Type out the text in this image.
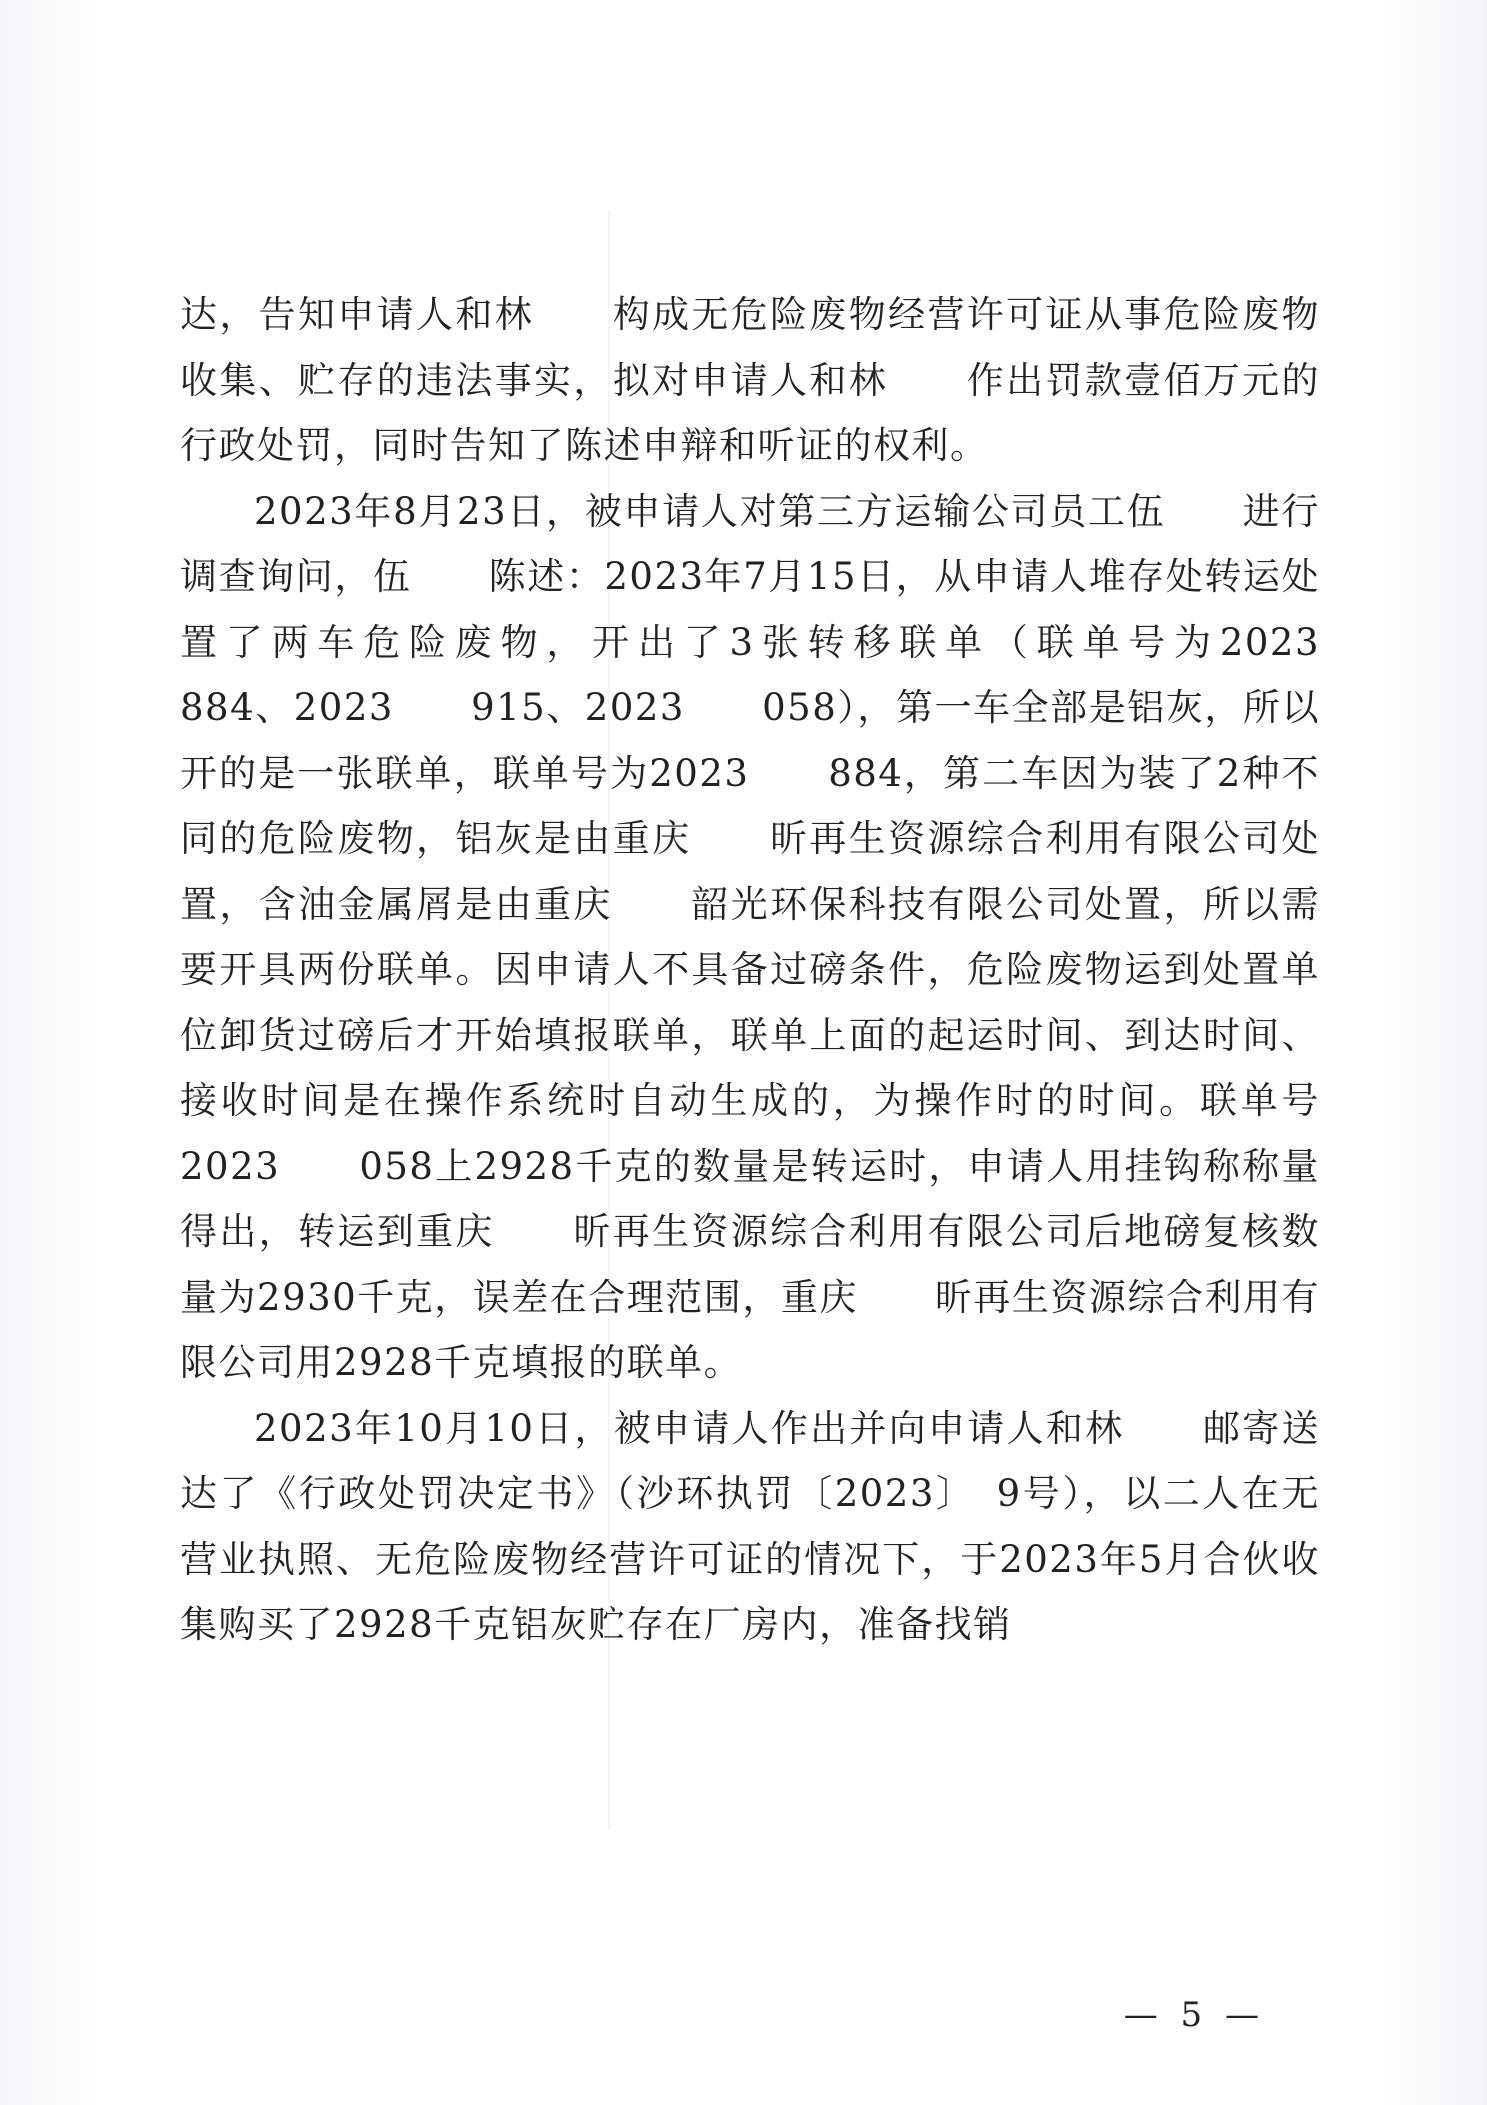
达，告知申请人和林　　构成无危险废物经营许可证从事危险废物收集、贮存的违法事实，拟对申请人和林　　作出罚款壹佰万元的行政处罚，同时告知了陈述申辩和听证的权利。

2023年8月23日，被申请人对第三方运输公司员工伍　　进行调查询问，伍　　陈述：2023年7月15日，从申请人堆存处转运处置了两车危险废物，开出了3张转移联单（联单号为2023　　884、2023　　915、2023　　058），第一车全部是铝灰，所以开的是一张联单，联单号为2023　　884，第二车因为装了2种不同的危险废物，铝灰是由重庆　　昕再生资源综合利用有限公司处置，含油金属屑是由重庆　　韶光环保科技有限公司处置，所以需要开具两份联单。因申请人不具备过磅条件，危险废物运到处置单位卸货过磅后才开始填报联单，联单上面的起运时间、到达时间、接收时间是在操作系统时自动生成的，为操作时的时间。联单号2023　　058上2928千克的数量是转运时，申请人用挂钩称称量得出，转运到重庆　　昕再生资源综合利用有限公司后地磅复核数量为2930千克，误差在合理范围，重庆　　昕再生资源综合利用有限公司用2928千克填报的联单。

2023年10月10日，被申请人作出并向申请人和林　　邮寄送达了《行政处罚决定书》（沙环执罚〔2023〕　9号），以二人在无营业执照、无危险废物经营许可证的情况下，于2023年5月合伙收集购买了2928千克铝灰贮存在厂房内，准备找销

— 5 —
